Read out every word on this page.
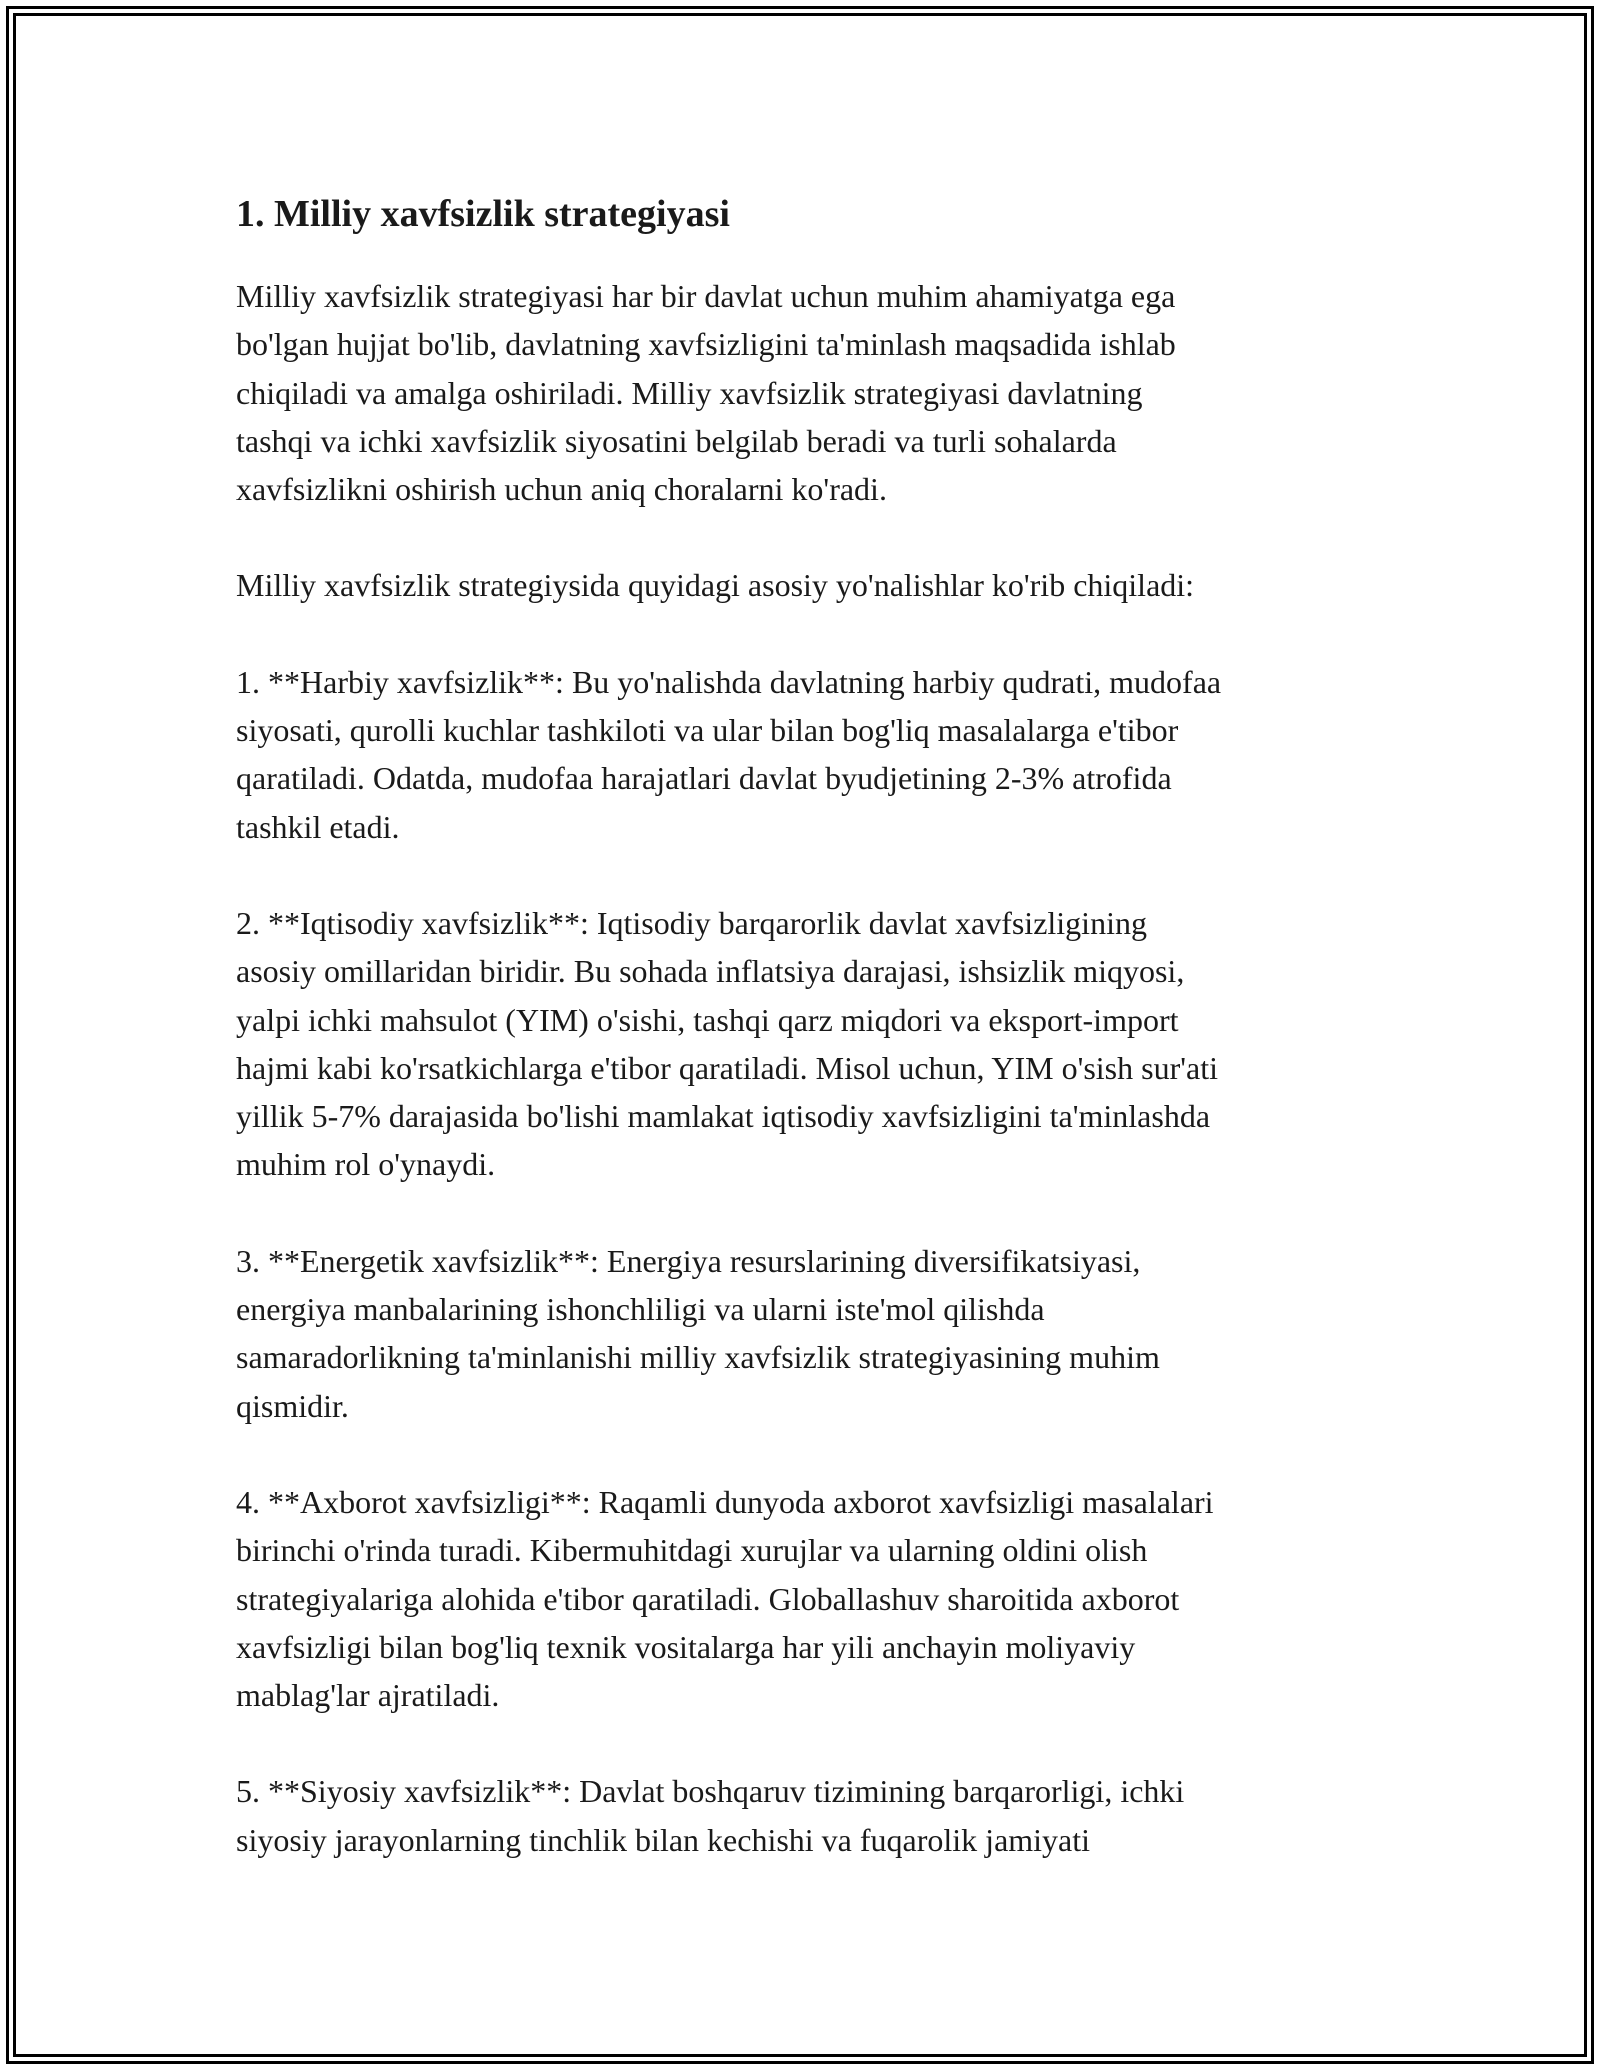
1. Milliy xavfsizlik strategiyasi

Milliy xavfsizlik strategiyasi har bir davlat uchun muhim ahamiyatga ega
bo'lgan hujjat bo'lib, davlatning xavfsizligini ta'minlash maqsadida ishlab
chiqiladi va amalga oshiriladi. Milliy xavfsizlik strategiyasi davlatning
tashqi va ichki xavfsizlik siyosatini belgilab beradi va turli sohalarda
xavfsizlikni oshirish uchun aniq choralarni ko'radi.

Milliy xavfsizlik strategiysida quyidagi asosiy yo'nalishlar ko'rib chiqiladi:

1. **Harbiy xavfsizlik**: Bu yo'nalishda davlatning harbiy qudrati, mudofaa
siyosati, qurolli kuchlar tashkiloti va ular bilan bog'liq masalalarga e'tibor
qaratiladi. Odatda, mudofaa harajatlari davlat byudjetining 2-3% atrofida
tashkil etadi.

2. **Iqtisodiy xavfsizlik**: Iqtisodiy barqarorlik davlat xavfsizligining
asosiy omillaridan biridir. Bu sohada inflatsiya darajasi, ishsizlik miqyosi,
yalpi ichki mahsulot (YIM) o'sishi, tashqi qarz miqdori va eksport-import
hajmi kabi ko'rsatkichlarga e'tibor qaratiladi. Misol uchun, YIM o'sish sur'ati
yillik 5-7% darajasida bo'lishi mamlakat iqtisodiy xavfsizligini ta'minlashda
muhim rol o'ynaydi.

3. **Energetik xavfsizlik**: Energiya resurslarining diversifikatsiyasi,
energiya manbalarining ishonchliligi va ularni iste'mol qilishda
samaradorlikning ta'minlanishi milliy xavfsizlik strategiyasining muhim
qismidir.

4. **Axborot xavfsizligi**: Raqamli dunyoda axborot xavfsizligi masalalari
birinchi o'rinda turadi. Kibermuhitdagi xurujlar va ularning oldini olish
strategiyalariga alohida e'tibor qaratiladi. Globallashuv sharoitida axborot
xavfsizligi bilan bog'liq texnik vositalarga har yili anchayin moliyaviy
mablag'lar ajratiladi.

5. **Siyosiy xavfsizlik**: Davlat boshqaruv tizimining barqarorligi, ichki
siyosiy jarayonlarning tinchlik bilan kechishi va fuqarolik jamiyati
